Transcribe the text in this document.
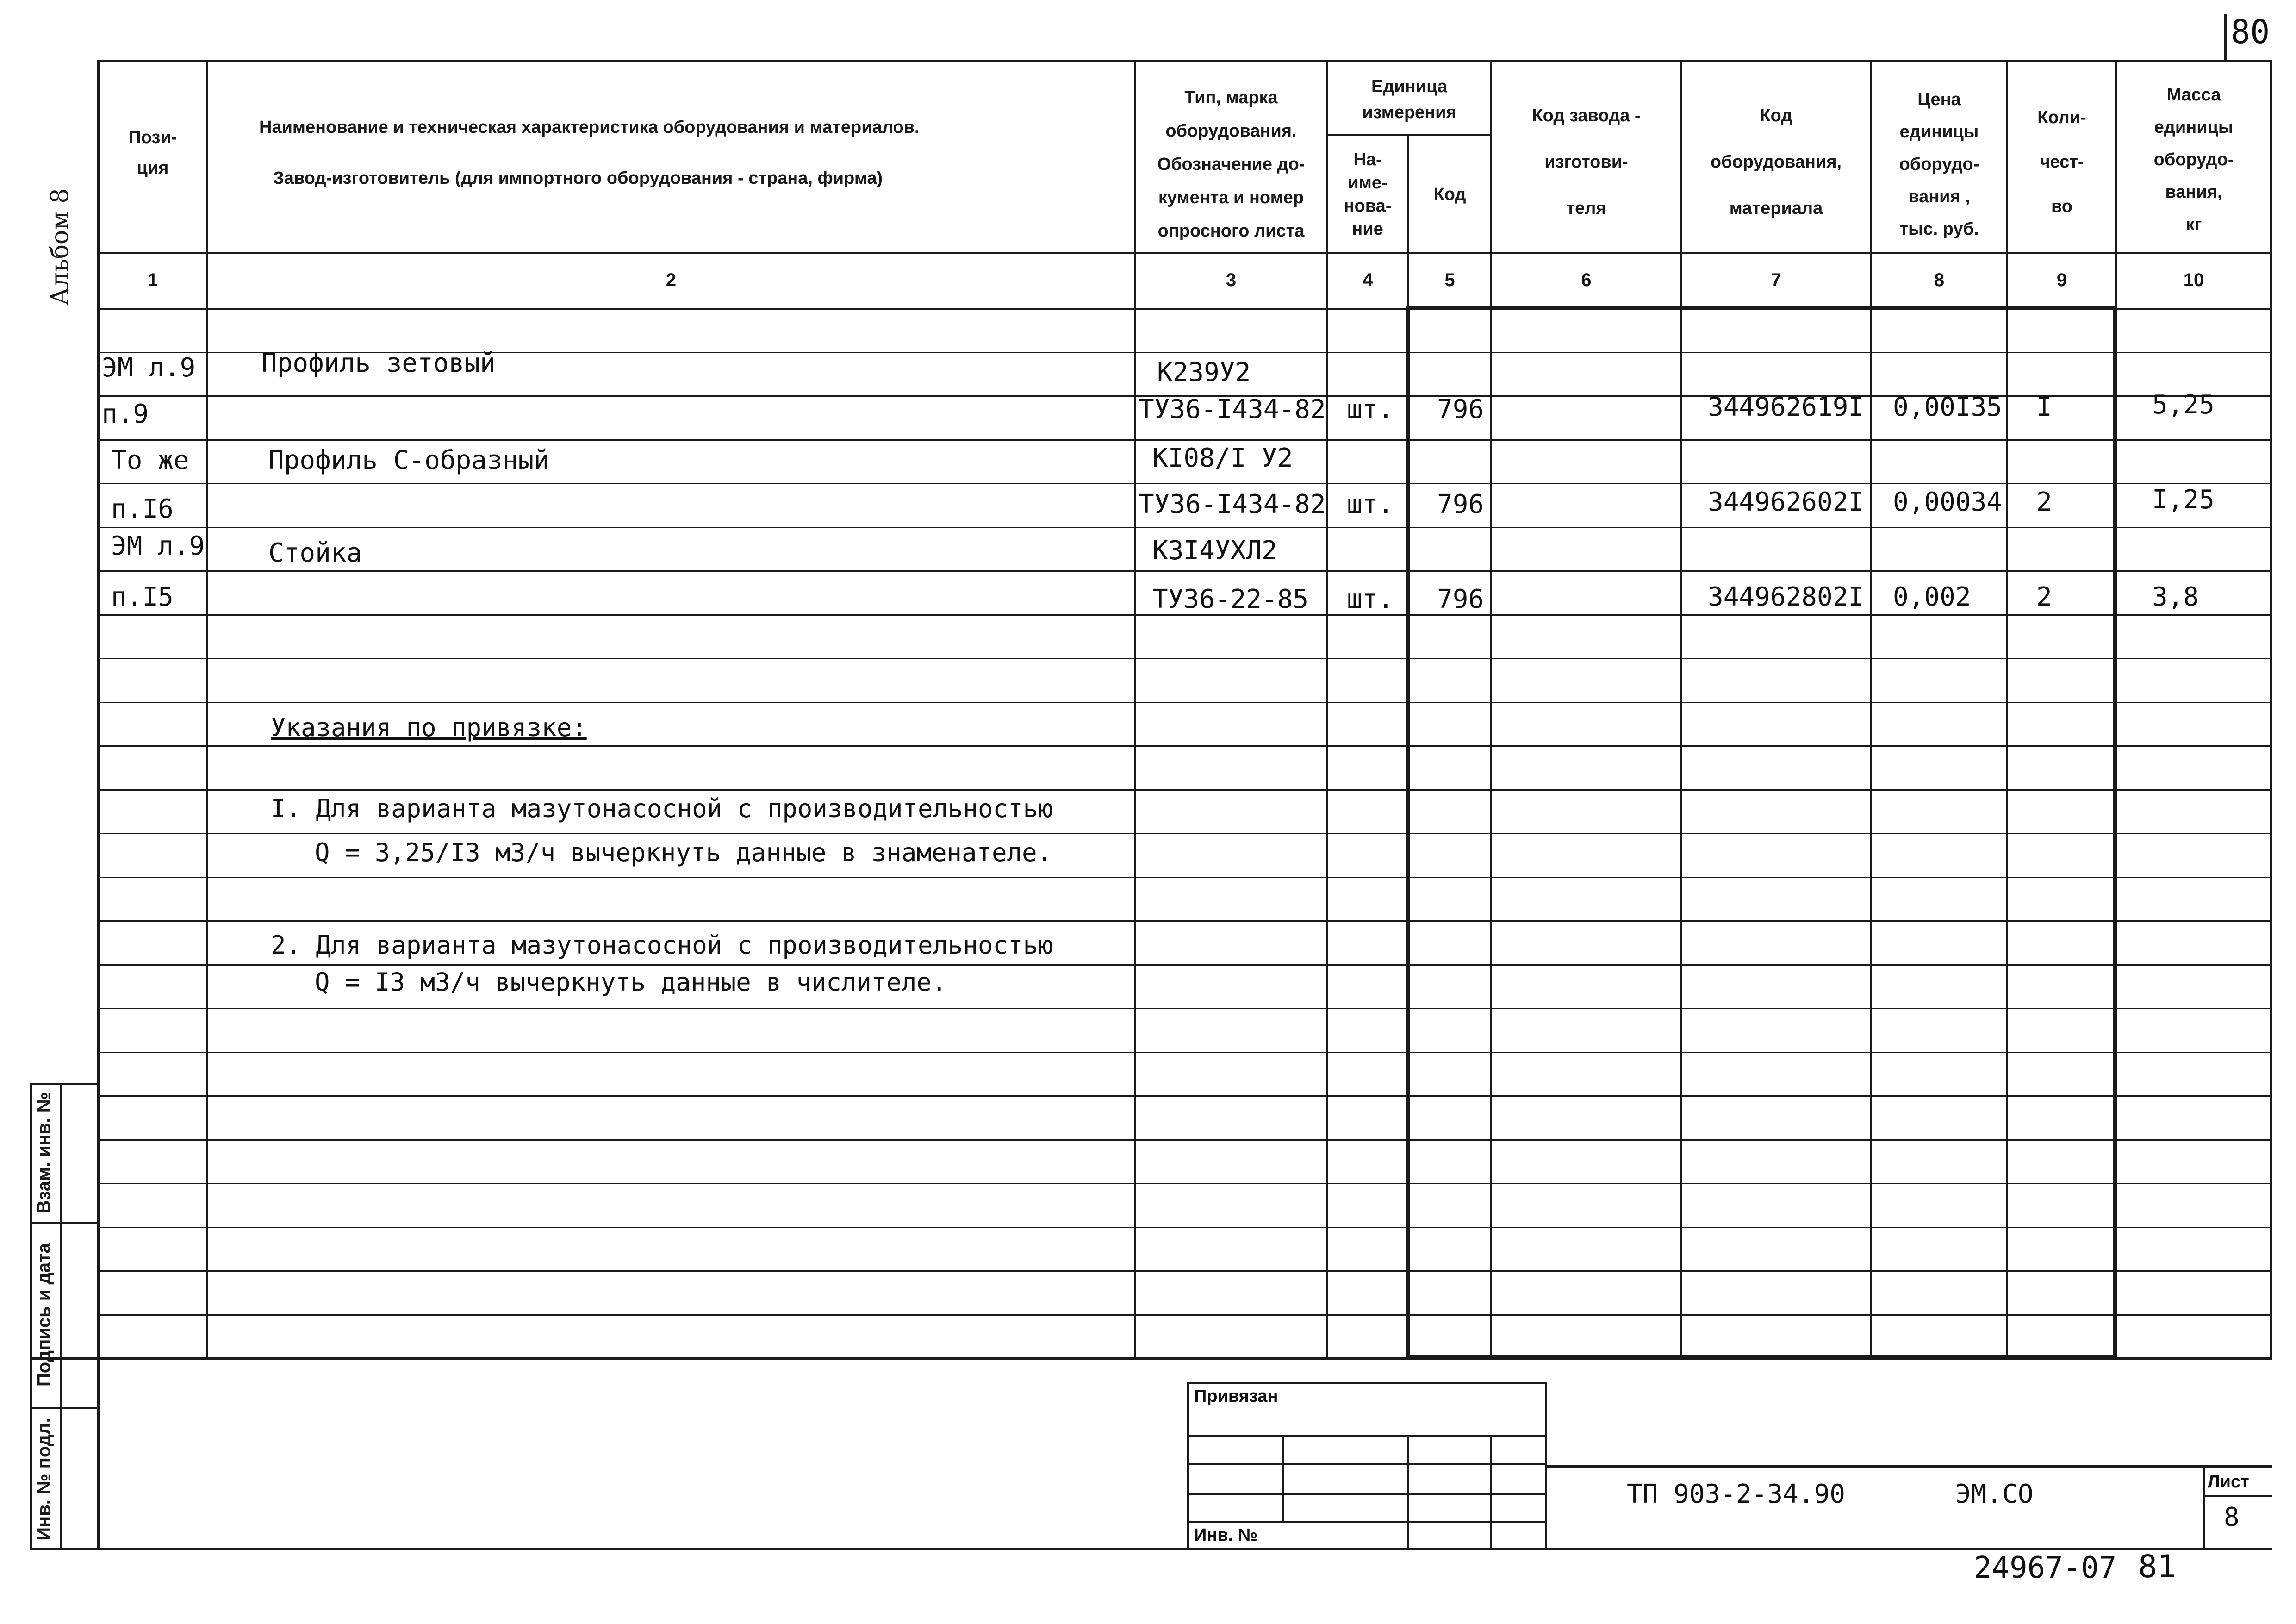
80
Альбом 8
Пози-
ция
Наименование и техническая характеристика оборудования и материалов.
Завод-изготовитель (для импортного оборудования - страна, фирма)
Тип, марка
оборудования.
Обозначение до-
кумента и номер
опросного листа
Единица
измерения
На-
име-
нова-
ние
Код
Код завода -
изготови-
теля
Код
оборудования,
материала
Цена
единицы
оборудо-
вания ,
тыс. руб.
Коли-
чест-
во
Масса
единицы
оборудо-
вания,
кг
1	2	3	4	5	6	7	8	9	10
ЭМ л.9	Профиль зетовый	К239У2
п.9	ТУ36-I434-82 шт. 796	344962619I 0,00I35 I	5,25
То же	Профиль С-образный	КI08/I У2
п.I6	ТУ36-I434-82 шт. 796	344962602I 0,00034 2	I,25
ЭМ л.9 Стойка	К3I4УХЛ2
п.I5	ТУ36-22-85 шт. 796	344962802I 0,002	2	3,8
Указания по привязке:
I. Для варианта мазутонасосной с производительностью
Q = 3,25/I3 м3/ч вычеркнуть данные в знаменателе.
2. Для варианта мазутонасосной с производительностью
Q = I3 м3/ч вычеркнуть данные в числителе.
Взам. инв. №
Подпись и дата
Инв. № подл.
Привязан
Инв. №
ТП 903-2-34.90	ЭМ.СО	Лист
8
24967-07 81
